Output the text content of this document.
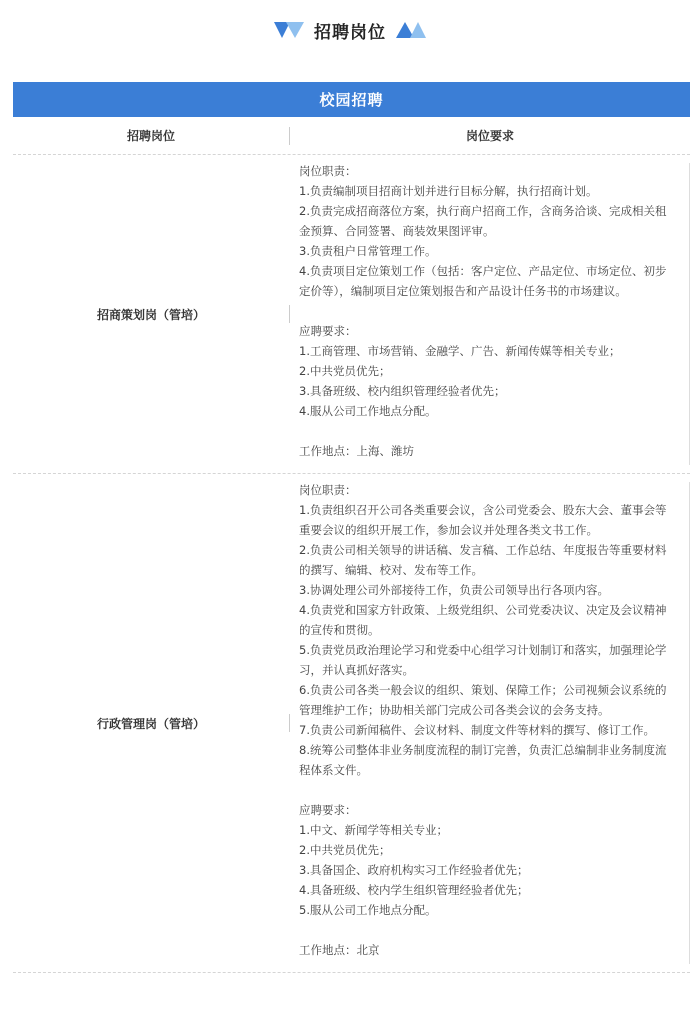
招聘岗位
校园招聘
招聘岗位	岗位要求
招商策划岗（管培）

岗位职责：

1.负责编制项目招商计划并进行目标分解，执行招商计划。

2.负责完成招商落位方案，执行商户招商工作，含商务洽谈、完成相关租金预算、合同签署、商装效果图评审。

3.负责租户日常管理工作。

4.负责项目定位策划工作（包括：客户定位、产品定位、市场定位、初步定价等），编制项目定位策划报告和产品设计任务书的市场建议。

应聘要求：

1.工商管理、市场营销、金融学、广告、新闻传媒等相关专业；

2.中共党员优先；

3.具备班级、校内组织管理经验者优先；

4.服从公司工作地点分配。

工作地点：上海、潍坊

行政管理岗（管培）

岗位职责：

1.负责组织召开公司各类重要会议，含公司党委会、股东大会、董事会等重要会议的组织开展工作，参加会议并处理各类文书工作。

2.负责公司相关领导的讲话稿、发言稿、工作总结、年度报告等重要材料的撰写、编辑、校对、发布等工作。

3.协调处理公司外部接待工作，负责公司领导出行各项内容。

4.负责党和国家方针政策、上级党组织、公司党委决议、决定及会议精神的宣传和贯彻。

5.负责党员政治理论学习和党委中心组学习计划制订和落实，加强理论学习，并认真抓好落实。

6.负责公司各类一般会议的组织、策划、保障工作；公司视频会议系统的管理维护工作；协助相关部门完成公司各类会议的会务支持。

7.负责公司新闻稿件、会议材料、制度文件等材料的撰写、修订工作。

8.统筹公司整体非业务制度流程的制订完善，负责汇总编制非业务制度流程体系文件。

应聘要求：

1.中文、新闻学等相关专业；

2.中共党员优先；

3.具备国企、政府机构实习工作经验者优先；

4.具备班级、校内学生组织管理经验者优先；

5.服从公司工作地点分配。

工作地点：北京
